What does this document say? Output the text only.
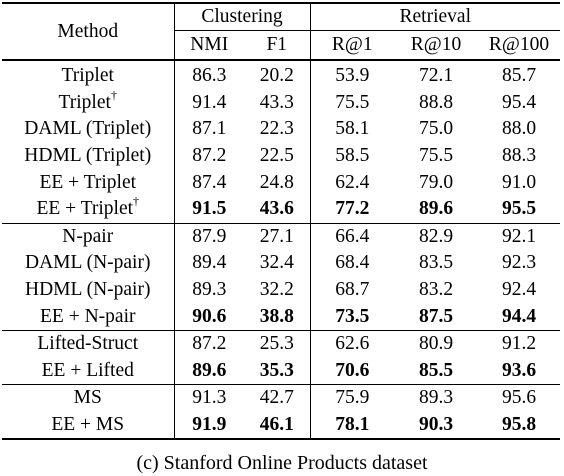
Method	Clustering		Retrieval		
	NMI	F1	R@1	R@10	R@100
Triplet	86.3	20.2	53.9	72.1	85.7
Triplet†	91.4	43.3	75.5	88.8	95.4
DAML (Triplet)	87.1	22.3	58.1	75.0	88.0
HDML (Triplet)	87.2	22.5	58.5	75.5	88.3
EE + Triplet	87.4	24.8	62.4	79.0	91.0
EE + Triplet†	91.5	43.6	77.2	89.6	95.5
N-pair	87.9	27.1	66.4	82.9	92.1
DAML (N-pair)	89.4	32.4	68.4	83.5	92.3
HDML (N-pair)	89.3	32.2	68.7	83.2	92.4
EE + N-pair	90.6	38.8	73.5	87.5	94.4
Lifted-Struct	87.2	25.3	62.6	80.9	91.2
EE + Lifted	89.6	35.3	70.6	85.5	93.6
MS	91.3	42.7	75.9	89.3	95.6
EE + MS	91.9	46.1	78.1	90.3	95.8
(c) Stanford Online Products dataset
